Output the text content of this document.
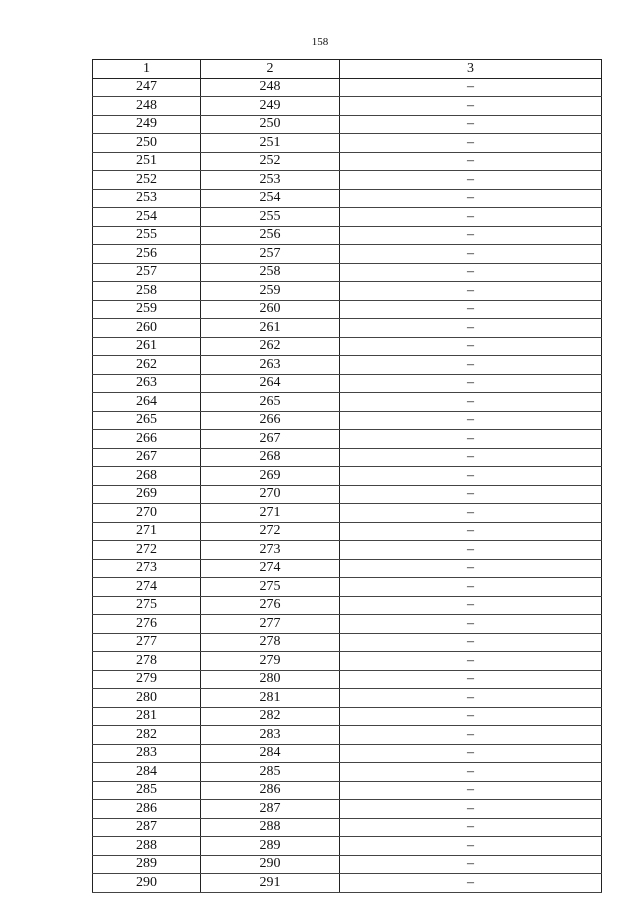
158
1	2	3
247	248	–
248	249	–
249	250	–
250	251	–
251	252	–
252	253	–
253	254	–
254	255	–
255	256	–
256	257	–
257	258	–
258	259	–
259	260	–
260	261	–
261	262	–
262	263	–
263	264	–
264	265	–
265	266	–
266	267	–
267	268	–
268	269	–
269	270	–
270	271	–
271	272	–
272	273	–
273	274	–
274	275	–
275	276	–
276	277	–
277	278	–
278	279	–
279	280	–
280	281	–
281	282	–
282	283	–
283	284	–
284	285	–
285	286	–
286	287	–
287	288	–
288	289	–
289	290	–
290	291	–
